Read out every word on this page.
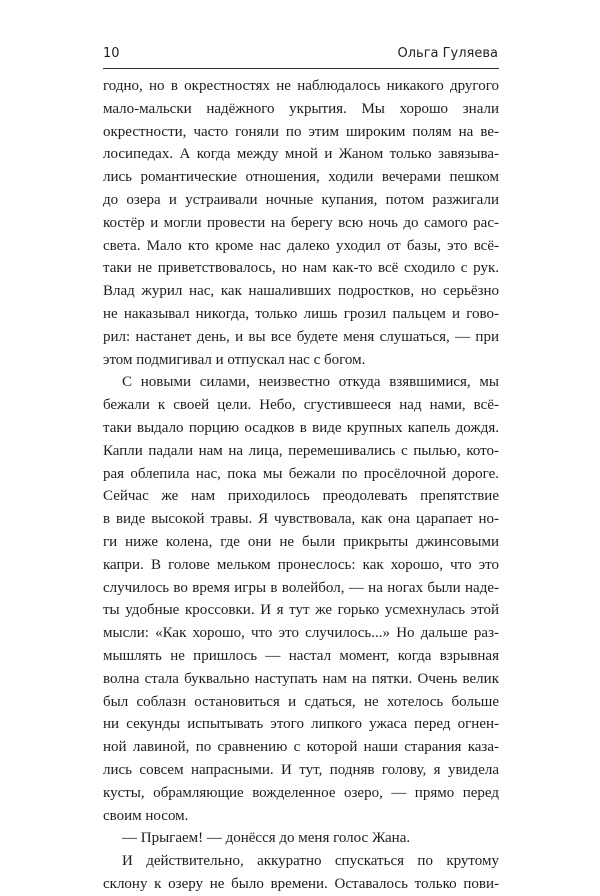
10	Ольга Гуляева
годно, но в окрестностях не наблюдалось никакого другого
мало-мальски надёжного укрытия. Мы хорошо знали
окрестности, часто гоняли по этим широким полям на ве-
лосипедах. А когда между мной и Жаном только завязыва-
лись романтические отношения, ходили вечерами пешком
до озера и устраивали ночные купания, потом разжигали
костёр и могли провести на берегу всю ночь до самого рас-
света. Мало кто кроме нас далеко уходил от базы, это всё-
таки не приветствовалось, но нам как-то всё сходило с рук.
Влад журил нас, как нашаливших подростков, но серьёзно
не наказывал никогда, только лишь грозил пальцем и гово-
рил: настанет день, и вы все будете меня слушаться, — при
этом подмигивал и отпускал нас с богом.
С новыми силами, неизвестно откуда взявшимися, мы
бежали к своей цели. Небо, сгустившееся над нами, всё-
таки выдало порцию осадков в виде крупных капель дождя.
Капли падали нам на лица, перемешивались с пылью, кото-
рая облепила нас, пока мы бежали по просёлочной дороге.
Сейчас же нам приходилось преодолевать препятствие
в виде высокой травы. Я чувствовала, как она царапает но-
ги ниже колена, где они не были прикрыты джинсовыми
капри. В голове мельком пронеслось: как хорошо, что это
случилось во время игры в волейбол, — на ногах были наде-
ты удобные кроссовки. И я тут же горько усмехнулась этой
мысли: «Как хорошо, что это случилось...» Но дальше раз-
мышлять не пришлось — настал момент, когда взрывная
волна стала буквально наступать нам на пятки. Очень велик
был соблазн остановиться и сдаться, не хотелось больше
ни секунды испытывать этого липкого ужаса перед огнен-
ной лавиной, по сравнению с которой наши старания каза-
лись совсем напрасными. И тут, подняв голову, я увидела
кусты, обрамляющие вожделенное озеро, — прямо перед
своим носом.
— Прыгаем! — донёсся до меня голос Жана.
И действительно, аккуратно спускаться по крутому
склону к озеру не было времени. Оставалось только пови-
